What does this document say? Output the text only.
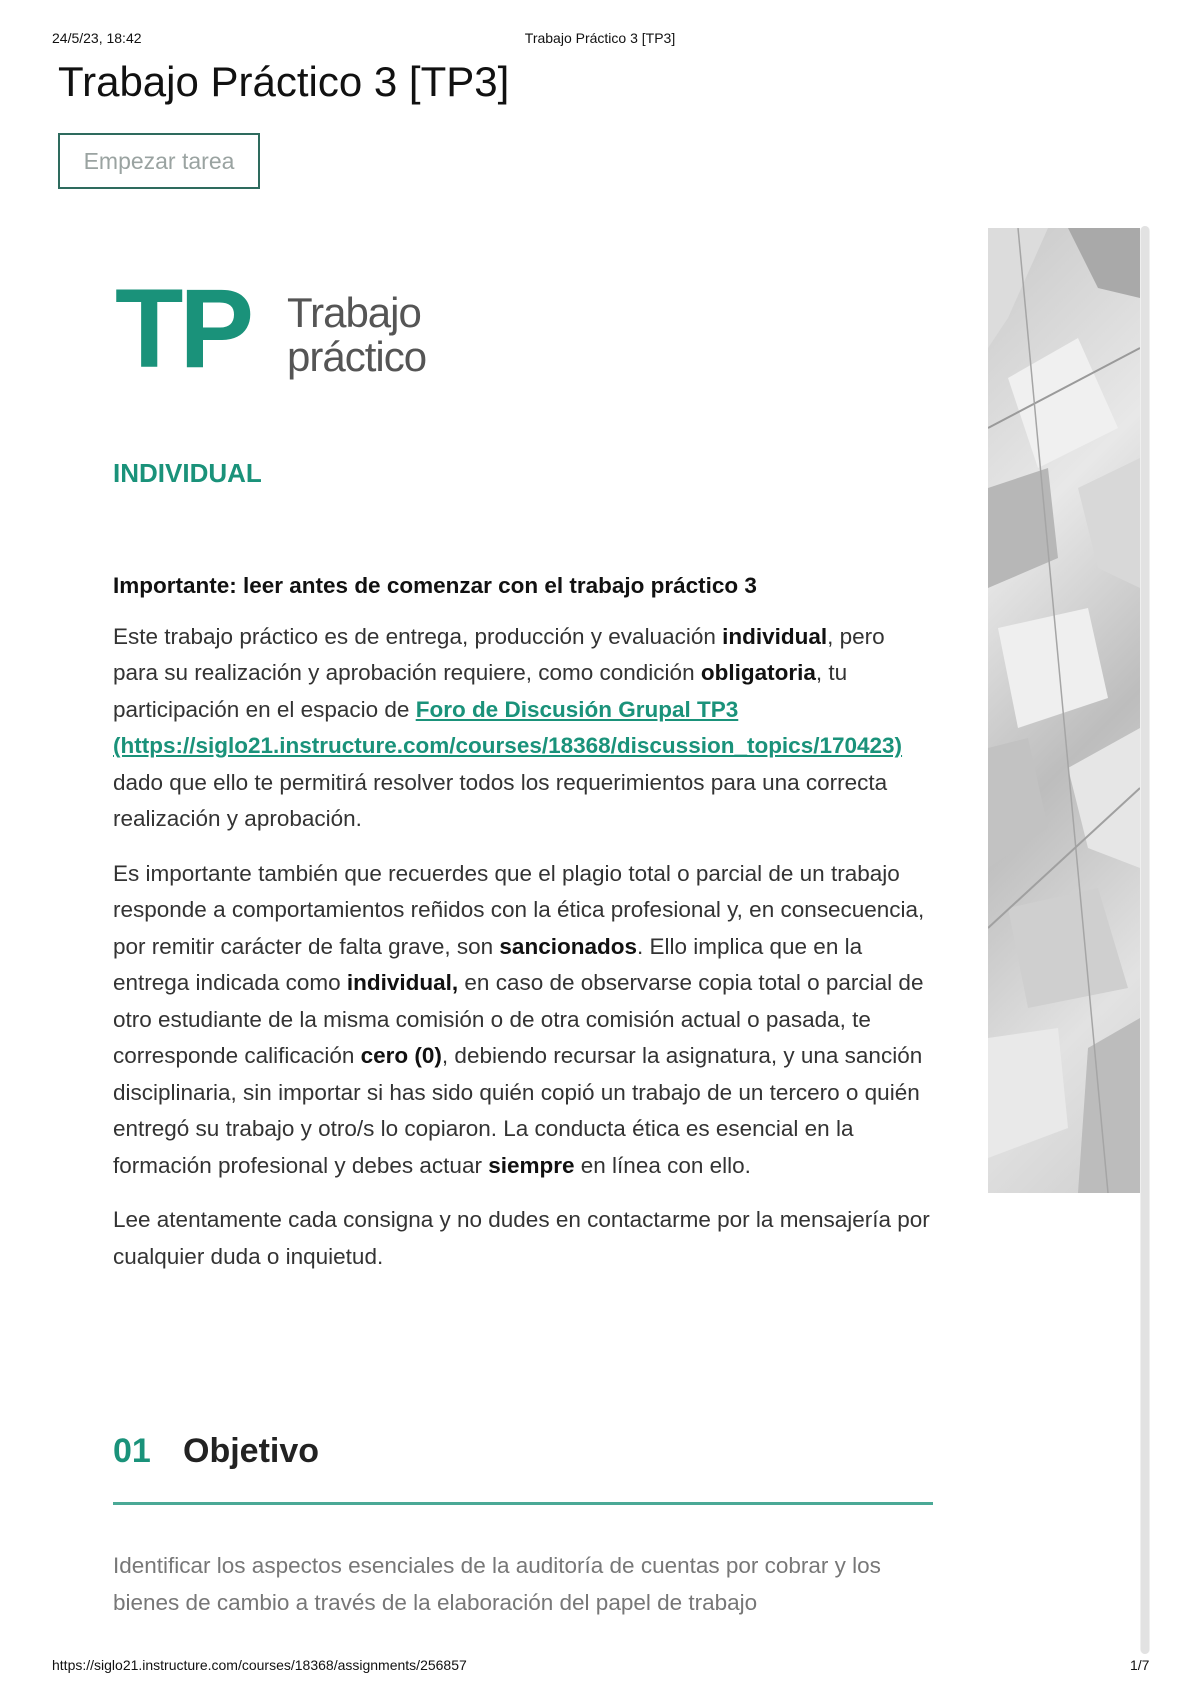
24/5/23, 18:42	Trabajo Práctico 3 [TP3]
Trabajo Práctico 3 [TP3]
Empezar tarea
TP Trabajo
práctico
INDIVIDUAL

Importante: leer antes de comenzar con el trabajo práctico 3

Este trabajo práctico es de entrega, producción y evaluación individual, pero para su realización y aprobación requiere, como condición obligatoria, tu participación en el espacio de Foro de Discusión Grupal TP3 (https://siglo21.instructure.com/courses/18368/discussion_topics/170423) dado que ello te permitirá resolver todos los requerimientos para una correcta realización y aprobación.

Es importante también que recuerdes que el plagio total o parcial de un trabajo responde a comportamientos reñidos con la ética profesional y, en consecuencia, por remitir carácter de falta grave, son sancionados. Ello implica que en la entrega indicada como individual, en caso de observarse copia total o parcial de otro estudiante de la misma comisión o de otra comisión actual o pasada, te corresponde calificación cero (0), debiendo recursar la asignatura, y una sanción disciplinaria, sin importar si has sido quién copió un trabajo de un tercero o quién entregó su trabajo y otro/s lo copiaron. La conducta ética es esencial en la formación profesional y debes actuar siempre en línea con ello.

Lee atentamente cada consigna y no dudes en contactarme por la mensajería por cualquier duda o inquietud.

01 Objetivo

Identificar los aspectos esenciales de la auditoría de cuentas por cobrar y los bienes de cambio a través de la elaboración del papel de trabajo

https://siglo21.instructure.com/courses/18368/assignments/256857	1/7
